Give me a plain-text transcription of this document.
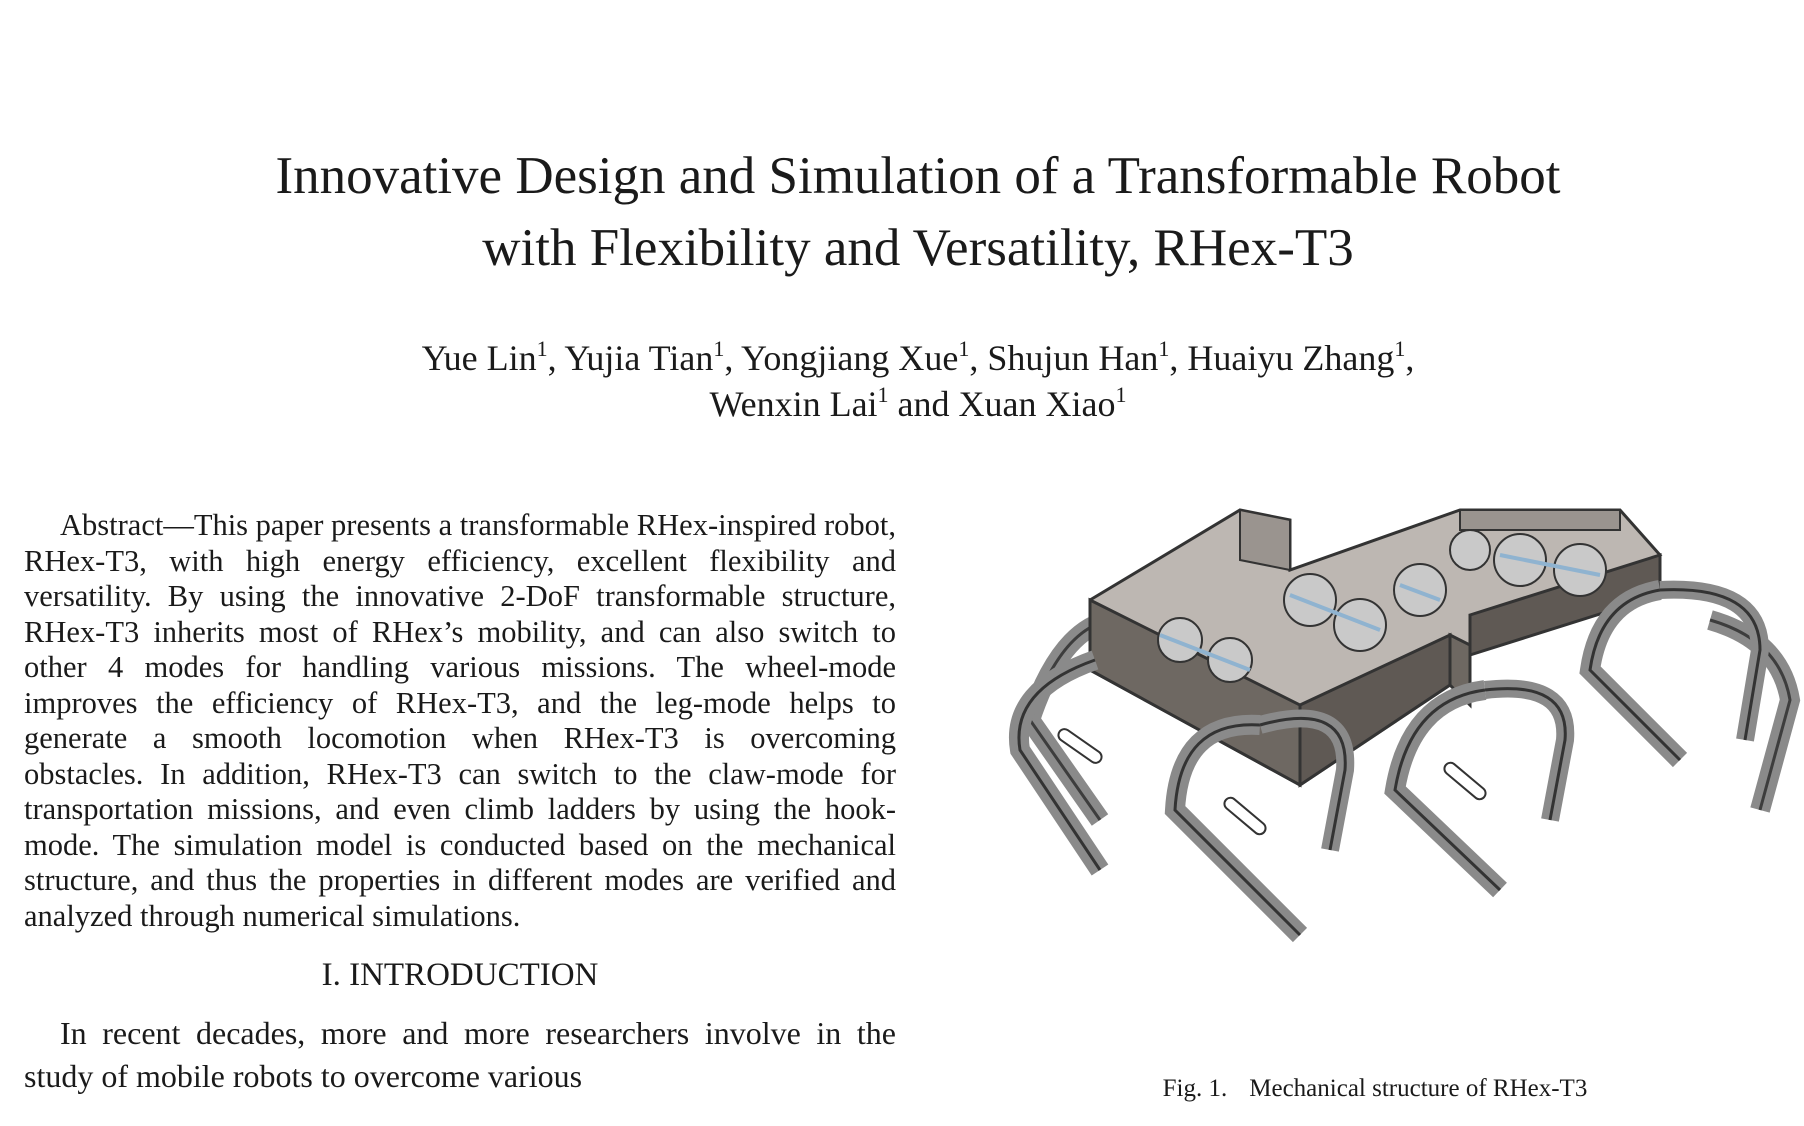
Innovative Design and Simulation of a Transformable Robot
with Flexibility and Versatility, RHex-T3
Yue Lin$^1$, Yujia Tian$^1$, Yongjiang Xue$^1$, Shujun Han$^1$, Huaiyu Zhang$^1$,
Wenxin Lai$^1$ and Xuan Xiao$^1$

Abstract—This paper presents a transformable RHex-inspired robot, RHex-T3, with high energy efficiency, excellent flexibility and versatility. By using the innovative 2-DoF transformable structure, RHex-T3 inherits most of RHex’s mobility, and can also switch to other 4 modes for handling various missions. The wheel-mode improves the efficiency of RHex-T3, and the leg-mode helps to generate a smooth locomotion when RHex-T3 is overcoming obstacles. In addition, RHex-T3 can switch to the claw-mode for transportation missions, and even climb ladders by using the hook-mode. The simulation model is conducted based on the mechanical structure, and thus the properties in different modes are verified and analyzed through numerical simulations.

I. INTRODUCTION

In recent decades, more and more researchers involve in the study of mobile robots to overcome various	Fig. 1. Mechanical structure of RHex-T3
